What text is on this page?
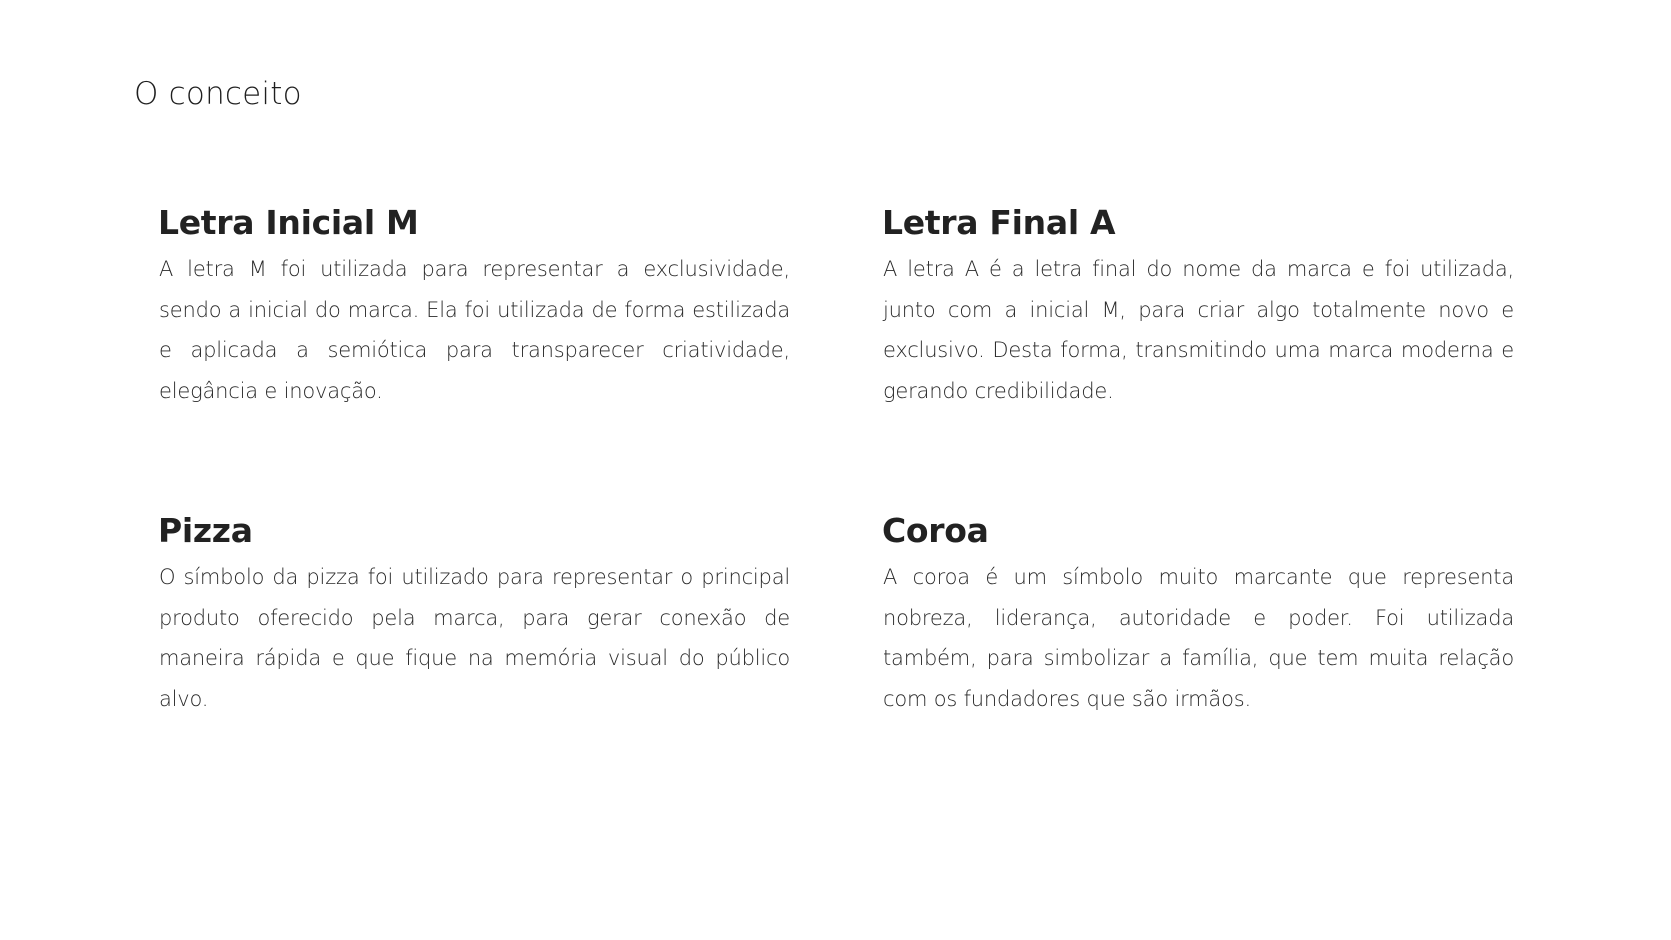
O conceito
Letra Inicial M

A letra M foi utilizada para representar a exclusividade, sendo a inicial do marca. Ela foi utilizada de forma estilizada e aplicada a semiótica para transparecer criatividade, elegância e inovação.

Letra Final A

A letra A é a letra final do nome da marca e foi utilizada, junto com a inicial M, para criar algo totalmente novo e exclusivo. Desta forma, transmitindo uma marca moderna e gerando credibilidade.

Pizza

O símbolo da pizza foi utilizado para representar o principal produto oferecido pela marca, para gerar conexão de maneira rápida e que fique na memória visual do público alvo.

Coroa

A coroa é um símbolo muito marcante que representa nobreza, liderança, autoridade e poder. Foi utilizada também, para simbolizar a família, que tem muita relação com os fundadores que são irmãos.
